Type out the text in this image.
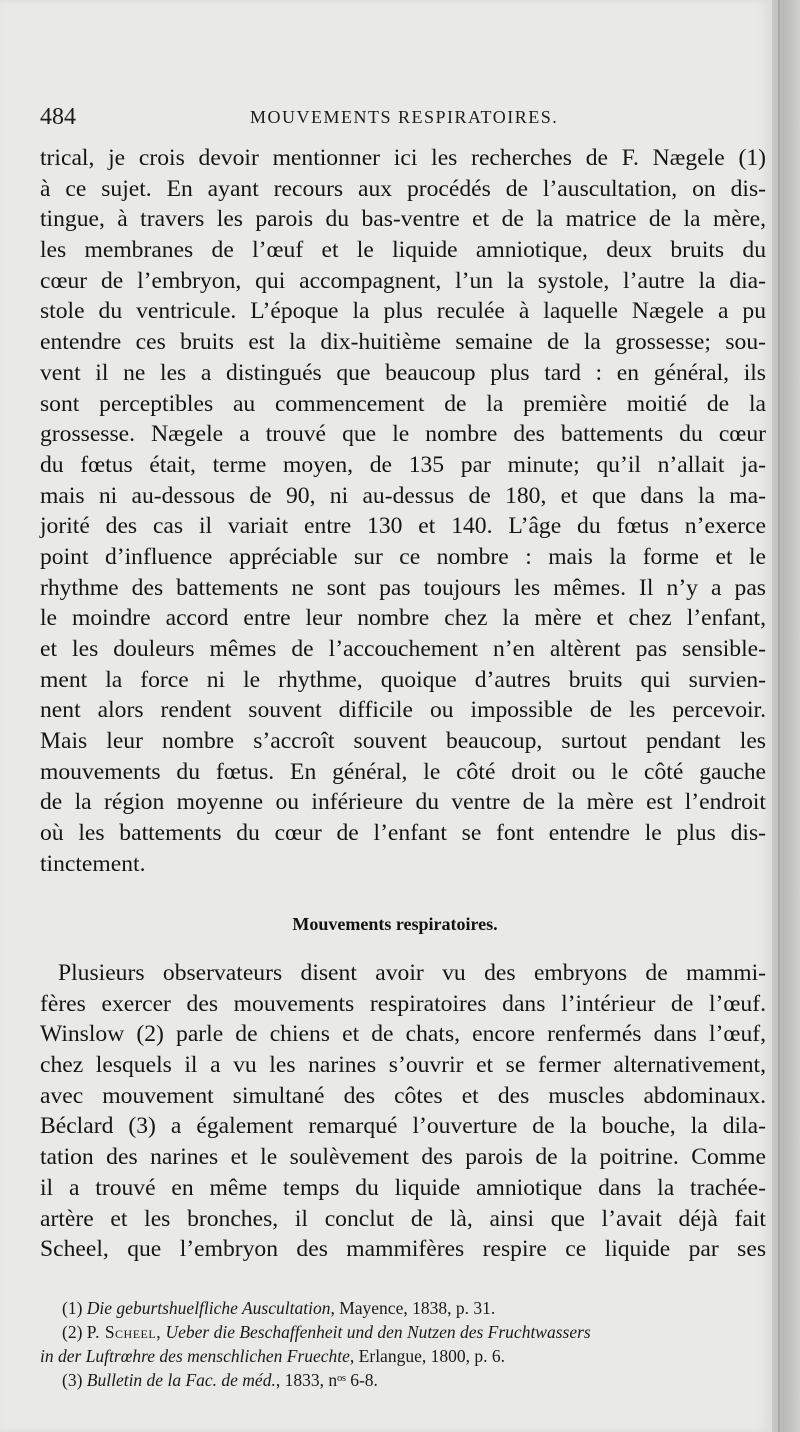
484	MOUVEMENTS RESPIRATOIRES.
trical, je crois devoir mentionner ici les recherches de F. Nægele (1)
à ce sujet. En ayant recours aux procédés de l’auscultation, on dis-
tingue, à travers les parois du bas-ventre et de la matrice de la mère,
les membranes de l’œuf et le liquide amniotique, deux bruits du
cœur de l’embryon, qui accompagnent, l’un la systole, l’autre la dia-
stole du ventricule. L’époque la plus reculée à laquelle Nægele a pu
entendre ces bruits est la dix-huitième semaine de la grossesse; sou-
vent il ne les a distingués que beaucoup plus tard : en général, ils
sont perceptibles au commencement de la première moitié de la
grossesse. Nægele a trouvé que le nombre des battements du cœur
du fœtus était, terme moyen, de 135 par minute; qu’il n’allait ja-
mais ni au-dessous de 90, ni au-dessus de 180, et que dans la ma-
jorité des cas il variait entre 130 et 140. L’âge du fœtus n’exerce
point d’influence appréciable sur ce nombre : mais la forme et le
rhythme des battements ne sont pas toujours les mêmes. Il n’y a pas
le moindre accord entre leur nombre chez la mère et chez l’enfant,
et les douleurs mêmes de l’accouchement n’en altèrent pas sensible-
ment la force ni le rhythme, quoique d’autres bruits qui survien-
nent alors rendent souvent difficile ou impossible de les percevoir.
Mais leur nombre s’accroît souvent beaucoup, surtout pendant les
mouvements du fœtus. En général, le côté droit ou le côté gauche
de la région moyenne ou inférieure du ventre de la mère est l’endroit
où les battements du cœur de l’enfant se font entendre le plus dis-
tinctement.
Mouvements respiratoires.
Plusieurs observateurs disent avoir vu des embryons de mammi-
fères exercer des mouvements respiratoires dans l’intérieur de l’œuf.
Winslow (2) parle de chiens et de chats, encore renfermés dans l’œuf,
chez lesquels il a vu les narines s’ouvrir et se fermer alternativement,
avec mouvement simultané des côtes et des muscles abdominaux.
Béclard (3) a également remarqué l’ouverture de la bouche, la dila-
tation des narines et le soulèvement des parois de la poitrine. Comme
il a trouvé en même temps du liquide amniotique dans la trachée-
artère et les bronches, il conclut de là, ainsi que l’avait déjà fait
Scheel, que l’embryon des mammifères respire ce liquide par ses
(1) Die geburtshuelfliche Auscultation, Mayence, 1838, p. 31.
(2) P. Scheel, Ueber die Beschaffenheit und den Nutzen des Fruchtwassers
in der Luftrœhre des menschlichen Fruechte, Erlangue, 1800, p. 6.
(3) Bulletin de la Fac. de méd., 1833, nᵒˢ 6-8.
